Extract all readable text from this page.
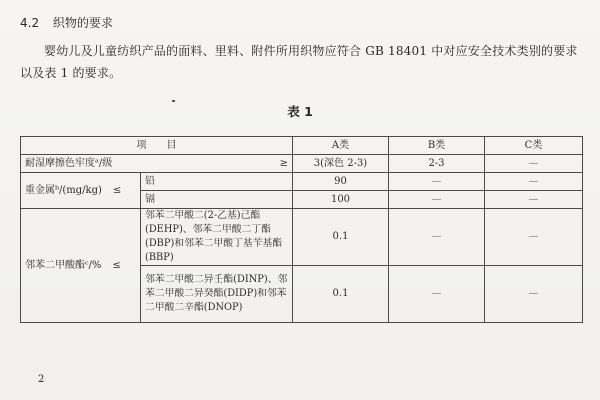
4.2 织物的要求
婴幼儿及儿童纺织产品的面料、里料、附件所用织物应符合 GB 18401 中对应安全技术类别的要求以及表 1 的要求。
表 1
项　　目		A类	B类	C类
耐湿摩擦色牢度ᵃ/级 ≥		3(深色 2-3)	2-3	—
重金属ᵇ/(mg/kg) ≤	铅	90	—	—
	镉	100	—	—
邻苯二甲酸酯ᶜ/% ≤	邻苯二甲酸二(2-乙基)己酯(DEHP)、邻苯二甲酸二丁酯(DBP)和邻苯二甲酸丁基苄基酯(BBP)	0.1	—	—
	邻苯二甲酸二异壬酯(DINP)、邻苯二甲酸二异癸酯(DIDP)和邻苯二甲酸二辛酯(DNOP)	0.1	—	—
2
